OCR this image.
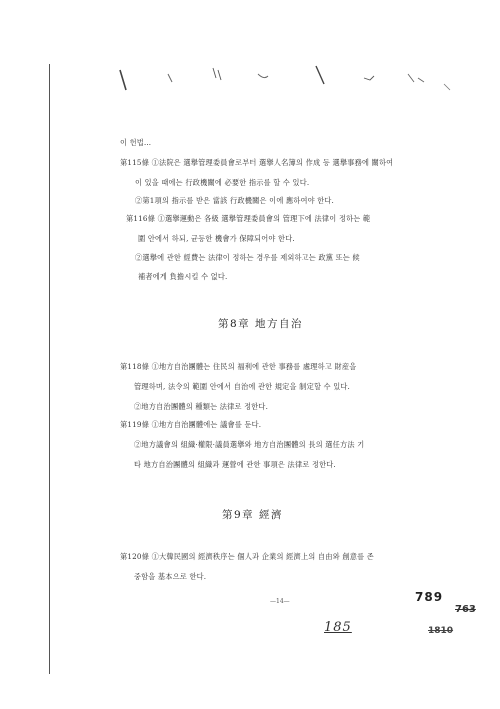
이 헌법…
第115條 ①法院은 選擧管理委員會로부터 選擧人名簿의 作成 등 選擧事務에 關하여
이 있을 때에는 行政機關에 必要한 指示를 할 수 있다.
②第1項의 指示를 받은 當該 行政機關은 이에 應하여야 한다.
第116條 ①選擧運動은 各級 選擧管理委員會의 管理下에 法律이 정하는 範
圍 안에서 하되, 균등한 機會가 保障되어야 한다.
②選擧에 관한 經費는 法律이 정하는 경우를 제외하고는 政黨 또는 候
補者에게 負擔시킬 수 없다.
第8章 地方自治
第118條 ①地方自治團體는 住民의 福利에 관한 事務를 處理하고 財産을
管理하며, 法令의 範圍 안에서 自治에 관한 規定을 制定할 수 있다.
②地方自治團體의 種類는 法律로 정한다.
第119條 ①地方自治團體에는 議會를 둔다.
②地方議會의 組織·權限·議員選擧와 地方自治團體의 長의 選任方法 기
타 地方自治團體의 組織과 運營에 관한 事項은 法律로 정한다.
第9章 經濟
第120條 ①大韓民國의 經濟秩序는 個人과 企業의 經濟上의 自由와 創意를 존
중함을 基本으로 한다.
—14—	789
763
185	1810
